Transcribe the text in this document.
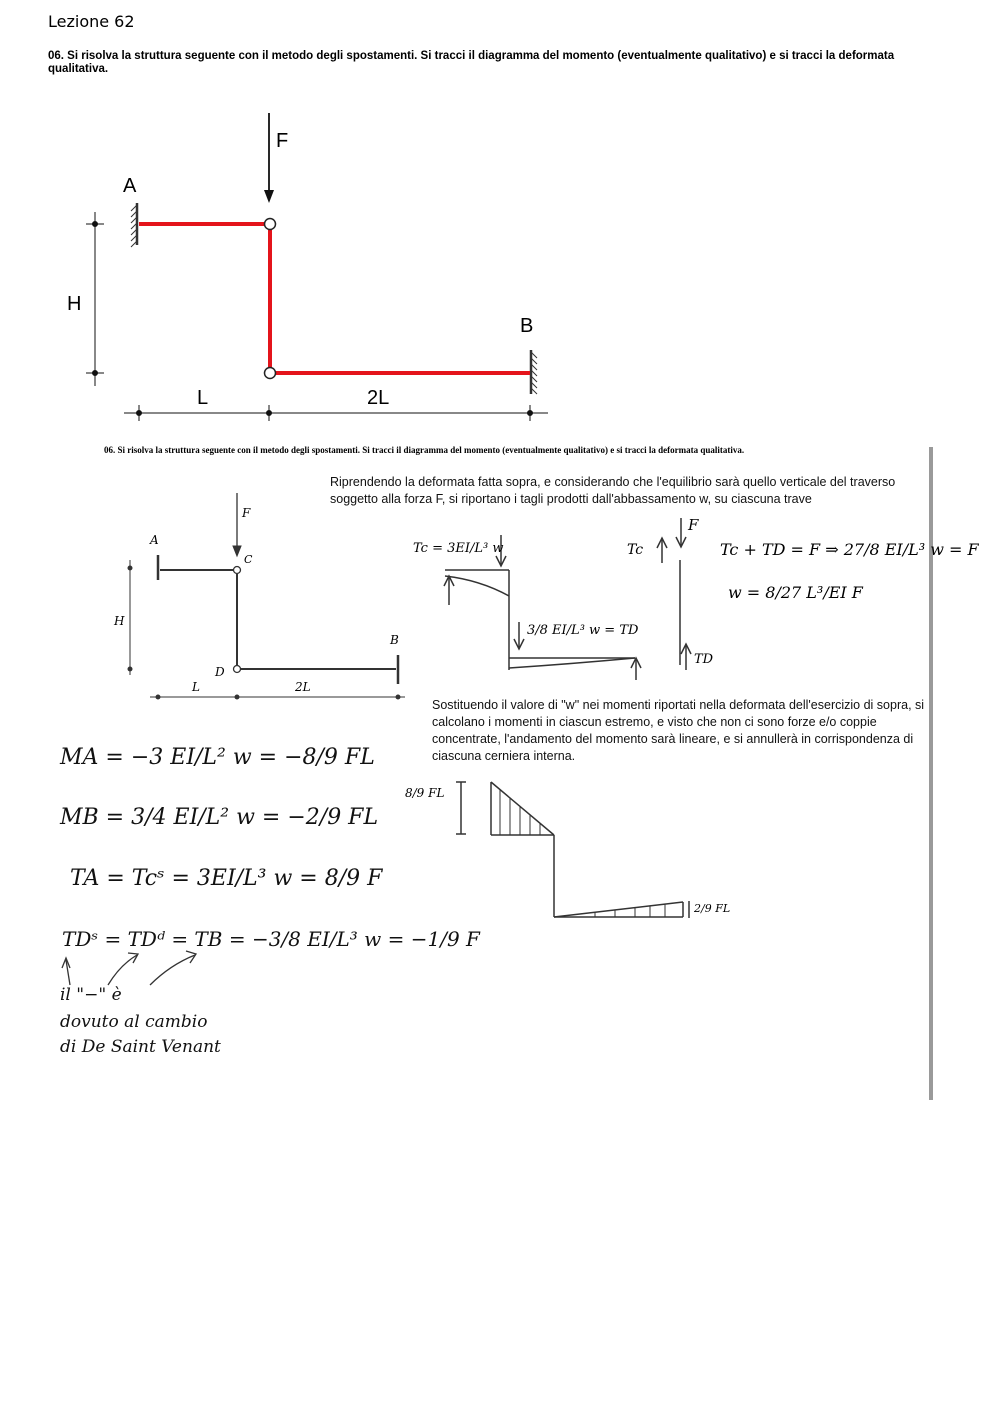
Lezione 62
06. Si risolva la struttura seguente con il metodo degli spostamenti. Si tracci il diagramma del momento (eventualmente qualitativo) e si tracci la deformata qualitativa.
F
A
B
H
L	2L
06. Si risolva la struttura seguente con il metodo degli spostamenti. Si tracci il diagramma del momento (eventualmente qualitativo) e si tracci la deformata qualitativa.
Riprendendo la deformata fatta sopra, e considerando che l'equilibrio sarà quello verticale del traverso soggetto alla forza F, si riportano i tagli prodotti dall'abbassamento w, su ciascuna trave
Sostituendo il valore di "w" nei momenti riportati nella deformata dell'esercizio di sopra, si calcolano i momenti in ciascun estremo, e visto che non ci sono forze e/o coppie concentrate, l'andamento del momento sarà lineare, e si annullerà in corrispondenza di ciascuna cerniera interna.
F
A
C
D
B
H
L	2L
Tc = 3EI/L³ w
3/8 EI/L³ w = TD
Tc
F
TD
Tc + TD = F ⇒ 27/8 EI/L³ w = F
w = 8/27 L³/EI F
8/9 FL
2/9 FL
MA = −3 EI/L² w = −8/9 FL
MB = 3/4 EI/L² w = −2/9 FL
TA = Tcˢ = 3EI/L³ w = 8/9 F
TDˢ = TDᵈ = TB = −3/8 EI/L³ w = −1/9 F
il "−" è
dovuto al cambio
di De Saint Venant
